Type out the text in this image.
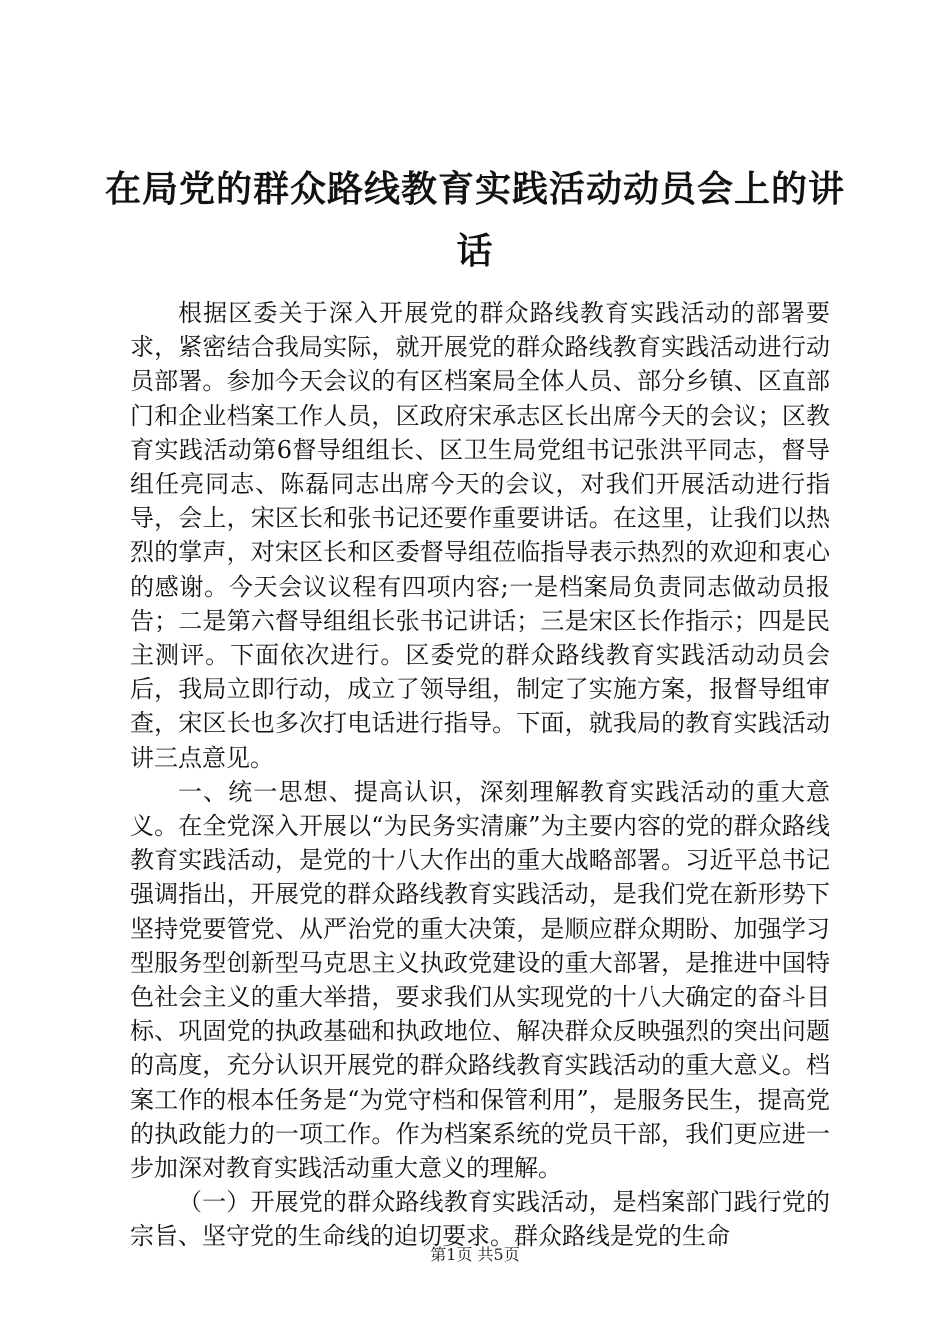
在局党的群众路线教育实践活动动员会上的讲话

根据区委关于深入开展党的群众路线教育实践活动的部署要求，紧密结合我局实际，就开展党的群众路线教育实践活动进行动员部署。参加今天会议的有区档案局全体人员、部分乡镇、区直部门和企业档案工作人员，区政府宋承志区长出席今天的会议；区教育实践活动第6督导组组长、区卫生局党组书记张洪平同志，督导组任亮同志、陈磊同志出席今天的会议，对我们开展活动进行指导，会上，宋区长和张书记还要作重要讲话。在这里，让我们以热烈的掌声，对宋区长和区委督导组莅临指导表示热烈的欢迎和衷心的感谢。今天会议议程有四项内容;一是档案局负责同志做动员报告；二是第六督导组组长张书记讲话；三是宋区长作指示；四是民主测评。下面依次进行。区委党的群众路线教育实践活动动员会后，我局立即行动，成立了领导组，制定了实施方案，报督导组审查，宋区长也多次打电话进行指导。下面，就我局的教育实践活动讲三点意见。

一、统一思想、提高认识，深刻理解教育实践活动的重大意义。在全党深入开展以“为民务实清廉”为主要内容的党的群众路线教育实践活动，是党的十八大作出的重大战略部署。习近平总书记强调指出，开展党的群众路线教育实践活动，是我们党在新形势下坚持党要管党、从严治党的重大决策，是顺应群众期盼、加强学习型服务型创新型马克思主义执政党建设的重大部署，是推进中国特色社会主义的重大举措，要求我们从实现党的十八大确定的奋斗目标、巩固党的执政基础和执政地位、解决群众反映强烈的突出问题的高度，充分认识开展党的群众路线教育实践活动的重大意义。档案工作的根本任务是“为党守档和保管利用”，是服务民生，提高党的执政能力的一项工作。作为档案系统的党员干部，我们更应进一步加深对教育实践活动重大意义的理解。

（一）开展党的群众路线教育实践活动，是档案部门践行党的宗旨、坚守党的生命线的迫切要求。群众路线是党的生命

第1页 共5页
